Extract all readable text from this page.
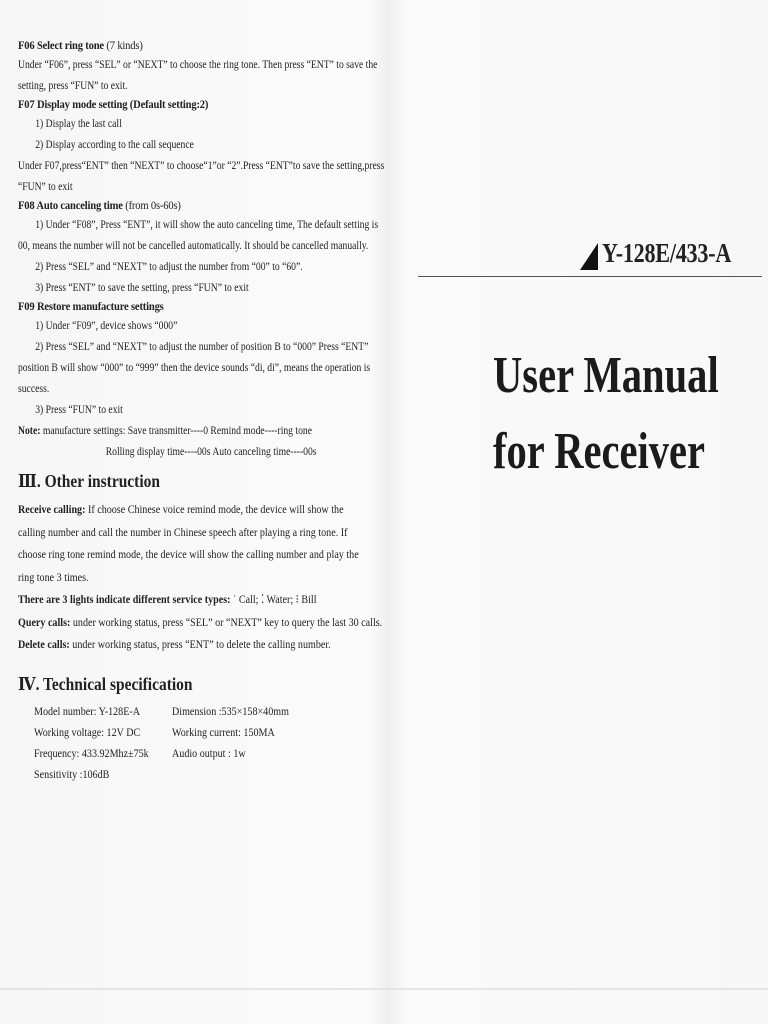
F06 Select ring tone (7 kinds)
Under “F06”, press “SEL” or “NEXT” to choose the ring tone. Then press “ENT” to save the
setting, press “FUN” to exit.
F07 Display mode setting (Default setting:2)
1) Display the last call
2) Display according to the call sequence
Under F07,press“ENT” then “NEXT” to choose“1”or “2”.Press “ENT”to save the setting,press
“FUN” to exit
F08 Auto canceling time (from 0s-60s)
1) Under “F08”, Press “ENT”, it will show the auto canceling time, The default setting is
00, means the number will not be cancelled automatically. It should be cancelled manually.
2) Press “SEL” and “NEXT” to adjust the number from “00” to “60”.
3) Press “ENT” to save the setting, press “FUN” to exit
F09 Restore manufacture settings
1) Under “F09”, device shows “000”
2) Press “SEL” and “NEXT” to adjust the number of position B to “000” Press “ENT”
position B will show “000” to “999” then the device sounds “di, di”, means the operation is
success.
3) Press “FUN” to exit
Note: manufacture settings: Save transmitter----0 Remind mode----ring tone
Rolling display time----00s Auto canceling time----00s
Ⅲ. Other instruction
Receive calling: If choose Chinese voice remind mode, the device will show the
calling number and call the number in Chinese speech after playing a ring tone. If
choose ring tone remind mode, the device will show the calling number and play the
ring tone 3 times.
There are 3 lights indicate different service types: ˙ Call; ⁚ Water; ⁝ Bill
Query calls: under working status, press “SEL” or “NEXT” key to query the last 30 calls.
Delete calls: under working status, press “ENT” to delete the calling number.
Ⅳ. Technical specification
Model number: Y-128E-A	Dimension :535×158×40mm
Working voltage: 12V DC	Working current: 150MA
Frequency: 433.92Mhz±75k Audio output : 1w
Sensitivity :106dB
Y-128E/433-A
User Manual
for Receiver
